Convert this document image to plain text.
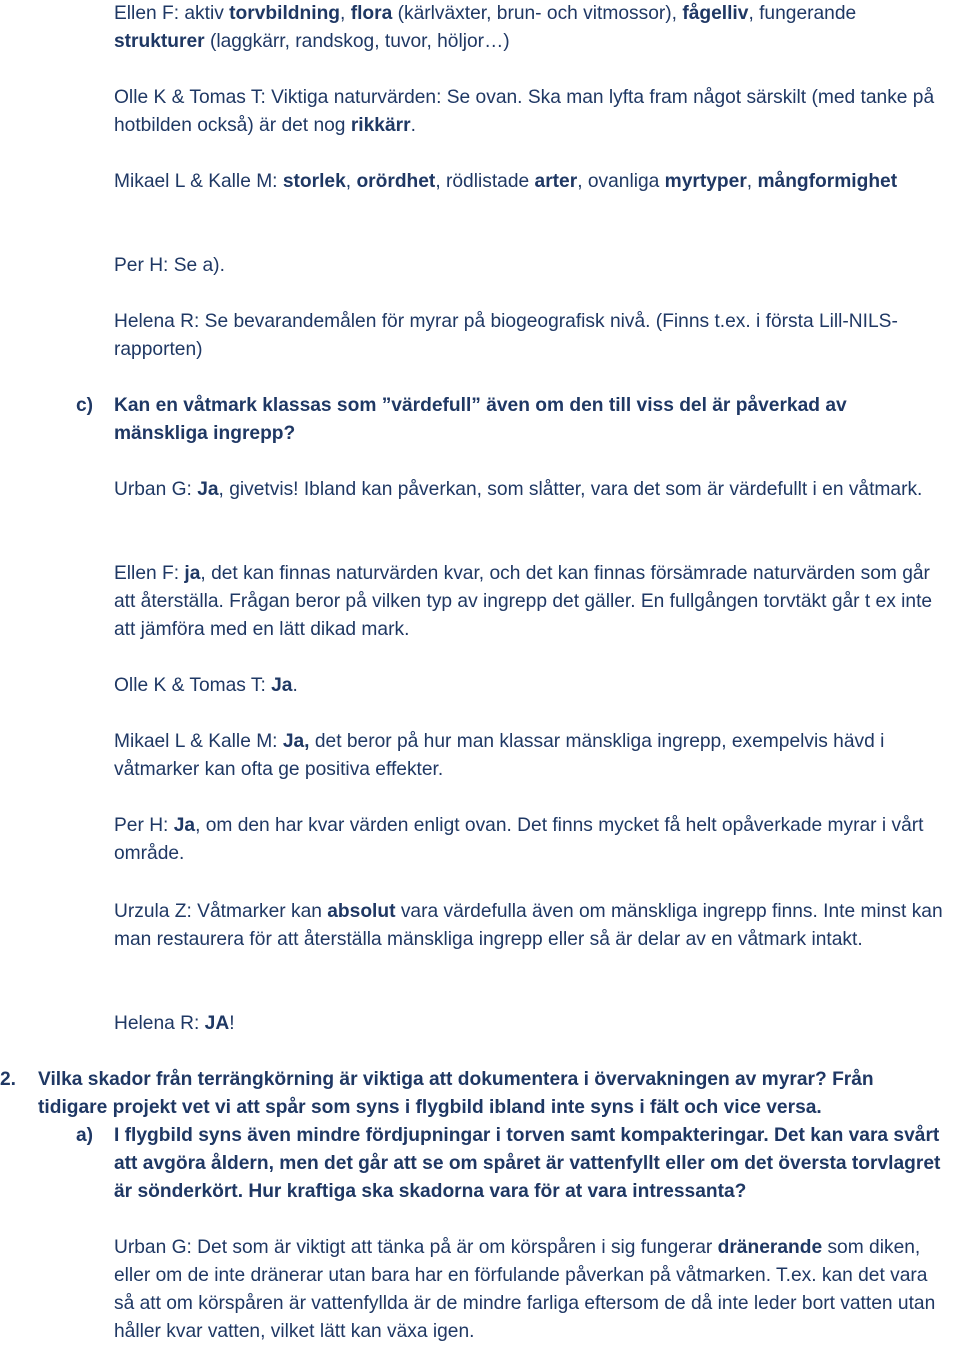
Ellen F: aktiv torvbildning, flora (kärlväxter, brun- och vitmossor), fågelliv, fungerande strukturer (laggkärr, randskog, tuvor, höljor…)

Olle K & Tomas T: Viktiga naturvärden: Se ovan. Ska man lyfta fram något särskilt (med tanke på hotbilden också) är det nog rikkärr.

Mikael L & Kalle M: storlek, orördhet, rödlistade arter, ovanliga myrtyper, mångformighet

Per H: Se a).

Helena R: Se bevarandemålen för myrar på biogeografisk nivå. (Finns t.ex. i första Lill-NILS-rapporten)

c) Kan en våtmark klassas som ”värdefull” även om den till viss del är påverkad av mänskliga ingrepp?

Urban G: Ja, givetvis! Ibland kan påverkan, som slåtter, vara det som är värdefullt i en våtmark.

Ellen F: ja, det kan finnas naturvärden kvar, och det kan finnas försämrade naturvärden som går att återställa. Frågan beror på vilken typ av ingrepp det gäller. En fullgången torvtäkt går t ex inte att jämföra med en lätt dikad mark.

Olle K & Tomas T: Ja.

Mikael L & Kalle M: Ja, det beror på hur man klassar mänskliga ingrepp, exempelvis hävd i våtmarker kan ofta ge positiva effekter.

Per H: Ja, om den har kvar värden enligt ovan. Det finns mycket få helt opåverkade myrar i vårt område.

Urzula Z: Våtmarker kan absolut vara värdefulla även om mänskliga ingrepp finns. Inte minst kan man restaurera för att återställa mänskliga ingrepp eller så är delar av en våtmark intakt.

Helena R: JA!

2. Vilka skador från terrängkörning är viktiga att dokumentera i övervakningen av myrar? Från tidigare projekt vet vi att spår som syns i flygbild ibland inte syns i fält och vice versa.

a) I flygbild syns även mindre fördjupningar i torven samt kompakteringar. Det kan vara svårt att avgöra åldern, men det går att se om spåret är vattenfyllt eller om det översta torvlagret är sönderkört. Hur kraftiga ska skadorna vara för at vara intressanta?

Urban G: Det som är viktigt att tänka på är om körspåren i sig fungerar dränerande som diken, eller om de inte dränerar utan bara har en förfulande påverkan på våtmarken. T.ex. kan det vara så att om körspåren är vattenfyllda är de mindre farliga eftersom de då inte leder bort vatten utan håller kvar vatten, vilket lätt kan växa igen.
